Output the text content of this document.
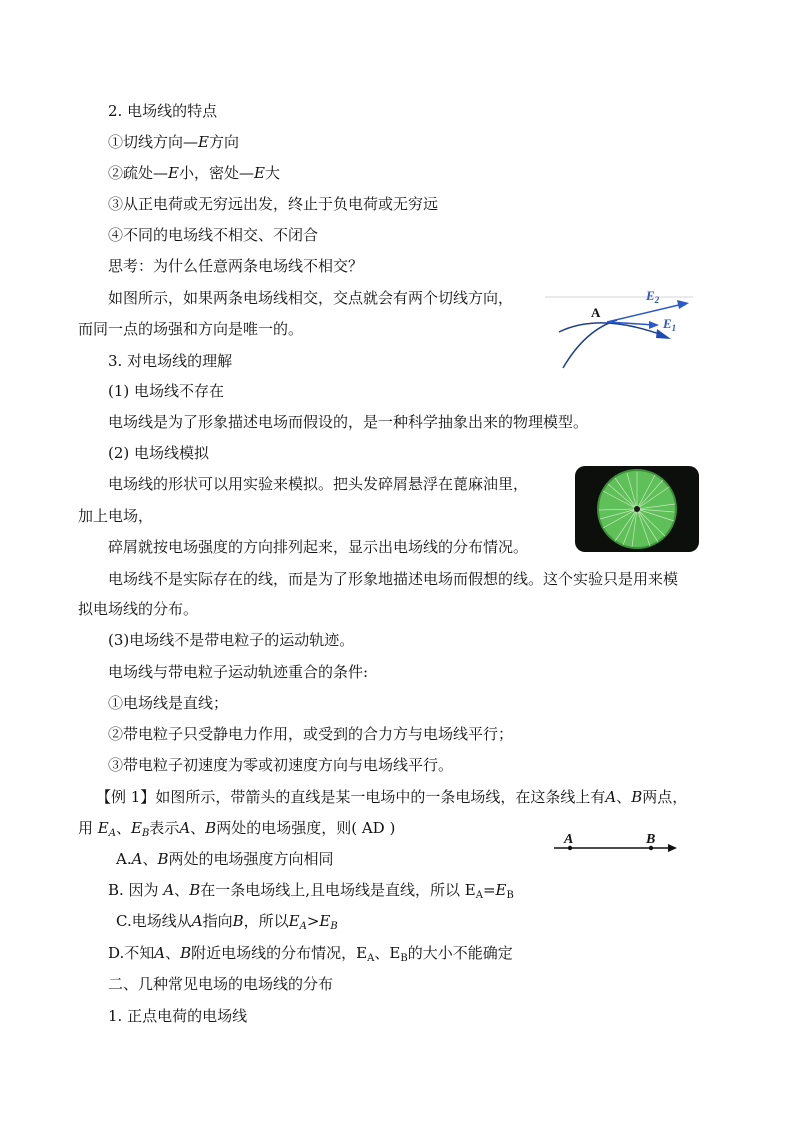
2. 电场线的特点
①切线方向—E方向
②疏处—E小，密处—E大
③从正电荷或无穷远出发，终止于负电荷或无穷远
④不同的电场线不相交、不闭合
思考：为什么任意两条电场线不相交？
如图所示，如果两条电场线相交，交点就会有两个切线方向，
而同一点的场强和方向是唯一的。
A
$E_2$
$E_1$
3. 对电场线的理解
(1) 电场线不存在
电场线是为了形象描述电场而假设的，是一种科学抽象出来的物理模型。
(2) 电场线模拟
电场线的形状可以用实验来模拟。把头发碎屑悬浮在蓖麻油里，
加上电场，
碎屑就按电场强度的方向排列起来，显示出电场线的分布情况。
电场线不是实际存在的线，而是为了形象地描述电场而假想的线。这个实验只是用来模
拟电场线的分布。
(3)电场线不是带电粒子的运动轨迹。
电场线与带电粒子运动轨迹重合的条件:
①电场线是直线；
②带电粒子只受静电力作用，或受到的合力方与电场线平行；
③带电粒子初速度为零或初速度方向与电场线平行。
【例 1】如图所示，带箭头的直线是某一电场中的一条电场线，在这条线上有A、B两点，
用 $E_A$、$E_B$表示A、B两处的电场强度，则( AD )
A	B
A.A、B两处的电场强度方向相同
B. 因为 A、B在一条电场线上,且电场线是直线，所以 $E_A=E_B$
C.电场线从A指向B，所以$E_A>E_B$
D.不知A、B附近电场线的分布情况，$E_A$、$E_B$的大小不能确定
二、几种常见电场的电场线的分布
1. 正点电荷的电场线
